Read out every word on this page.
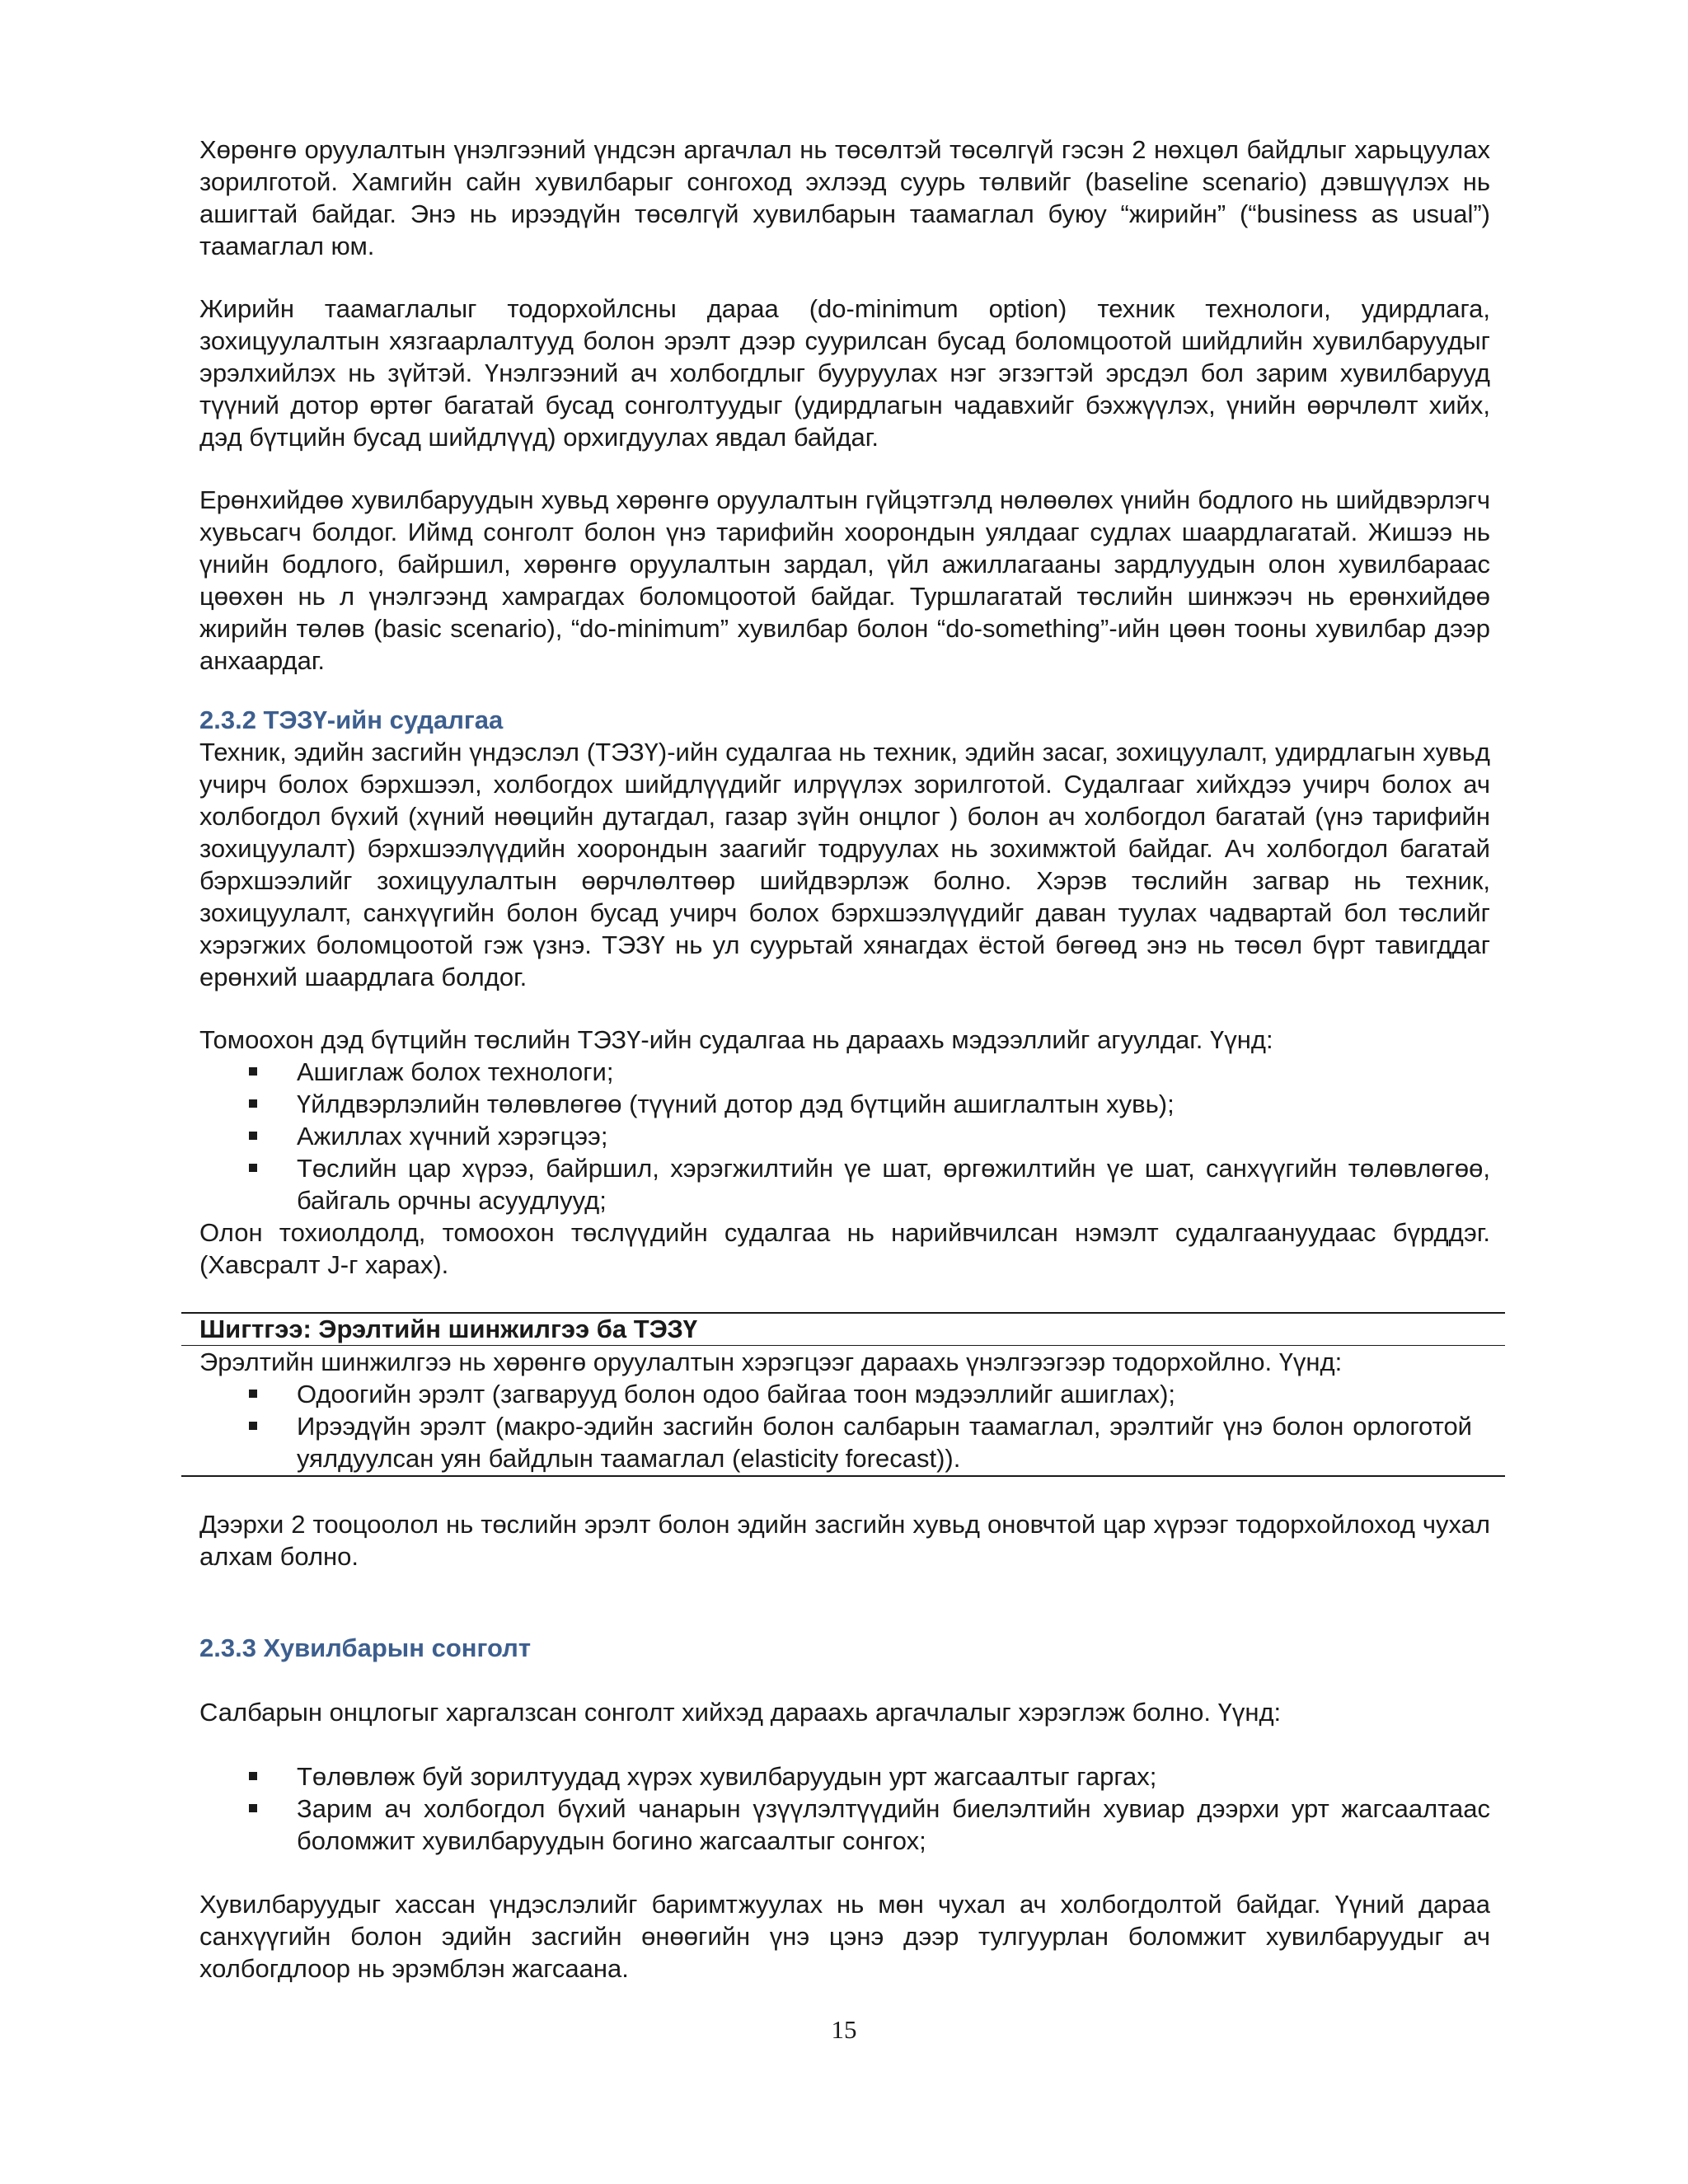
Хөрөнгө оруулалтын үнэлгээний үндсэн аргачлал нь төсөлтэй төсөлгүй гэсэн 2 нөхцөл байдлыг харьцуулах зорилготой. Хамгийн сайн хувилбарыг сонгоход эхлээд суурь төлвийг (baseline scenario) дэвшүүлэх нь ашигтай байдаг. Энэ нь ирээдүйн төсөлгүй хувилбарын таамаглал буюу “жирийн” (“business as usual”) таамаглал юм.

Жирийн таамаглалыг тодорхойлсны дараа (do-minimum option) техник технологи, удирдлага, зохицуулалтын хязгаарлалтууд болон эрэлт дээр суурилсан бусад боломцоотой шийдлийн хувилбаруудыг эрэлхийлэх нь зүйтэй. Үнэлгээний ач холбогдлыг бууруулах нэг эгзэгтэй эрсдэл бол зарим хувилбарууд түүний дотор өртөг багатай бусад сонголтуудыг (удирдлагын чадавхийг бэхжүүлэх, үнийн өөрчлөлт хийх, дэд бүтцийн бусад шийдлүүд) орхигдуулах явдал байдаг.

Ерөнхийдөө хувилбаруудын хувьд хөрөнгө оруулалтын гүйцэтгэлд нөлөөлөх үнийн бодлого нь шийдвэрлэгч хувьсагч болдог. Иймд сонголт болон үнэ тарифийн хоорондын уялдааг судлах шаардлагатай. Жишээ нь үнийн бодлого, байршил, хөрөнгө оруулалтын зардал, үйл ажиллагааны зардлуудын олон хувилбараас цөөхөн нь л үнэлгээнд хамрагдах боломцоотой байдаг. Туршлагатай төслийн шинжээч нь ерөнхийдөө жирийн төлөв (basic scenario), “do-minimum” хувилбар болон “do-something”-ийн цөөн тооны хувилбар дээр анхаардаг.

2.3.2 ТЭЗҮ-ийн судалгаа

Техник, эдийн засгийн үндэслэл (ТЭЗҮ)-ийн судалгаа нь техник, эдийн засаг, зохицуулалт, удирдлагын хувьд учирч болох бэрхшээл, холбогдох шийдлүүдийг илрүүлэх зорилготой. Судалгааг хийхдээ учирч болох ач холбогдол бүхий (хүний нөөцийн дутагдал, газар зүйн онцлог ) болон ач холбогдол багатай (үнэ тарифийн зохицуулалт) бэрхшээлүүдийн хоорондын заагийг тодруулах нь зохимжтой байдаг. Ач холбогдол багатай бэрхшээлийг зохицуулалтын өөрчлөлтөөр шийдвэрлэж болно. Хэрэв төслийн загвар нь техник, зохицуулалт, санхүүгийн болон бусад учирч болох бэрхшээлүүдийг даван туулах чадвартай бол төслийг хэрэгжих боломцоотой гэж үзнэ. ТЭЗҮ нь ул суурьтай хянагдах ёстой бөгөөд энэ нь төсөл бүрт тавигддаг ерөнхий шаардлага болдог.

Томоохон дэд бүтцийн төслийн ТЭЗҮ-ийн судалгаа нь дараахь мэдээллийг агуулдаг. Үүнд:

Ашиглаж болох технологи;
Үйлдвэрлэлийн төлөвлөгөө (түүний дотор дэд бүтцийн ашиглалтын хувь);
Ажиллах хүчний хэрэгцээ;
Төслийн цар хүрээ, байршил, хэрэгжилтийн үе шат, өргөжилтийн үе шат, санхүүгийн төлөвлөгөө, байгаль орчны асуудлууд;

Олон тохиолдолд, томоохон төслүүдийн судалгаа нь нарийвчилсан нэмэлт судалгаануудаас бүрддэг. (Хавсралт J-г харах).

Шигтгээ: Эрэлтийн шинжилгээ ба ТЭЗҮ

Эрэлтийн шинжилгээ нь хөрөнгө оруулалтын хэрэгцээг дараахь үнэлгээгээр тодорхойлно. Үүнд:

Одоогийн эрэлт (загварууд болон одоо байгаа тоон мэдээллийг ашиглах);
Ирээдүйн эрэлт (макро-эдийн засгийн болон салбарын таамаглал, эрэлтийг үнэ болон орлоготой уялдуулсан уян байдлын таамаглал (elasticity forecast)).

Дээрхи 2 тооцоолол нь төслийн эрэлт болон эдийн засгийн хувьд оновчтой цар хүрээг тодорхойлоход чухал алхам болно.

2.3.3 Хувилбарын сонголт

Салбарын онцлогыг харгалзсан сонголт хийхэд дараахь аргачлалыг хэрэглэж болно. Үүнд:

Төлөвлөж буй зорилтуудад хүрэх хувилбаруудын урт жагсаалтыг гаргах;
Зарим ач холбогдол бүхий чанарын үзүүлэлтүүдийн биелэлтийн хувиар дээрхи урт жагсаалтаас боломжит хувилбаруудын богино жагсаалтыг сонгох;

Хувилбаруудыг хассан үндэслэлийг баримтжуулах нь мөн чухал ач холбогдолтой байдаг. Үүний дараа санхүүгийн болон эдийн засгийн өнөөгийн үнэ цэнэ дээр тулгуурлан боломжит хувилбаруудыг ач холбогдлоор нь эрэмблэн жагсаана.

15
